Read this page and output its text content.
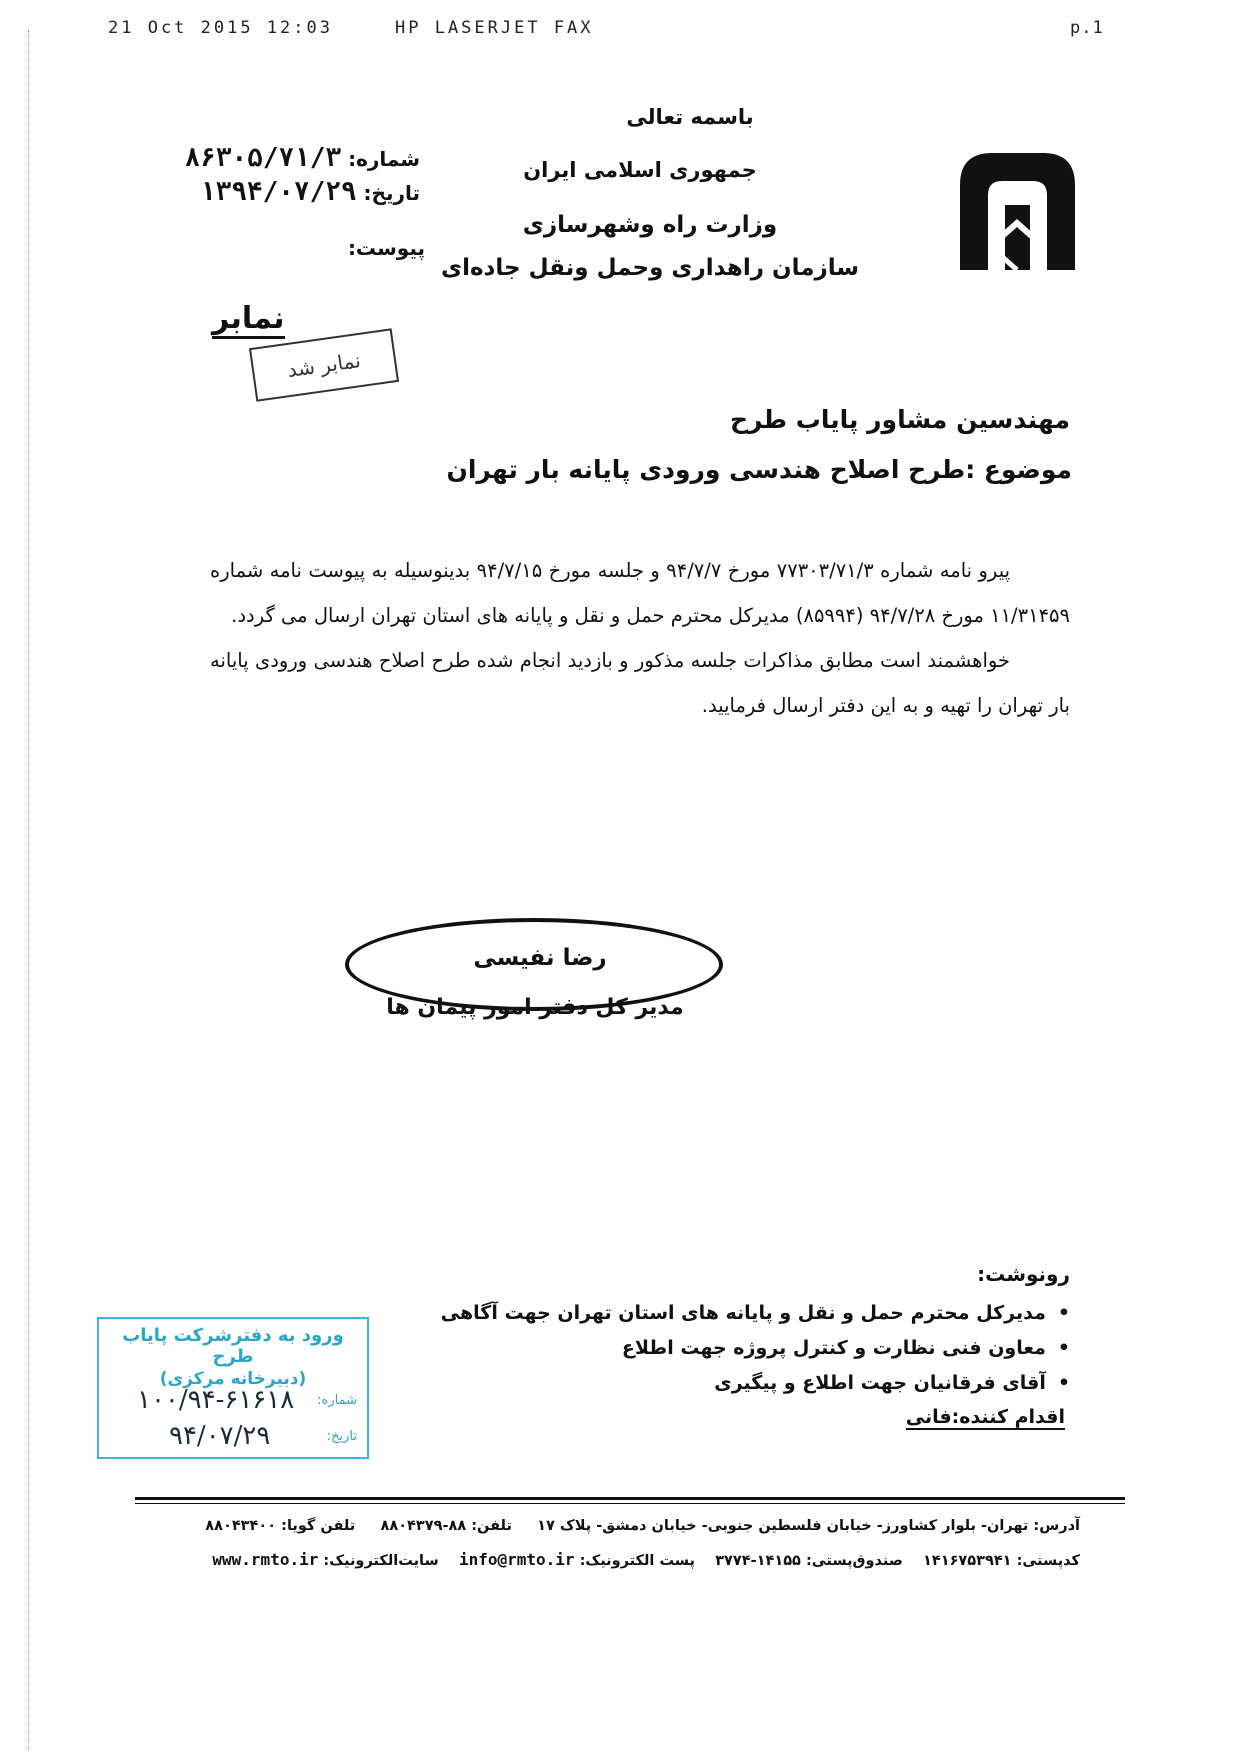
21 Oct 2015 12:03	HP LASERJET FAX	p.1
باسمه تعالی
جمهوری اسلامی ایران
وزارت راه وشهرسازی
سازمان راهداری وحمل ونقل جاده‌ای
شماره: ۸۶۳۰۵/۷۱/۳
تاریخ: ۱۳۹۴/۰۷/۲۹
پیوست:
نمابر
نمابر شد
مهندسین مشاور پایاب طرح
موضوع :طرح اصلاح هندسی ورودی پایانه بار تهران

پیرو نامه شماره ۷۷۳۰۳/۷۱/۳ مورخ ۹۴/۷/۷ و جلسه مورخ ۹۴/۷/۱۵ بدینوسیله به پیوست نامه شماره ۱۱/۳۱۴۵۹ مورخ ۹۴/۷/۲۸ (۸۵۹۹۴) مدیرکل محترم حمل و نقل و پایانه های استان تهران ارسال می گردد.

خواهشمند است مطابق مذاکرات جلسه مذکور و بازدید انجام شده طرح اصلاح هندسی ورودی پایانه بار تهران را تهیه و به این دفتر ارسال فرمایید.

رضا نفیسی
مدیر کل دفتر امور پیمان ها
رونوشت:
• مدیرکل محترم حمل و نقل و پایانه های استان تهران جهت آگاهی
• معاون فنی نظارت و کنترل پروژه جهت اطلاع
• آقای فرقانیان جهت اطلاع و پیگیری
اقدام کننده:فانی
ورود به دفترشرکت پایاب طرح
(دبیرخانه مرکزی)
شماره:
۱۰۰/۹۴-۶۱۶۱۸
تاریخ:
۹۴/۰۷/۲۹
آدرس: تهران- بلوار کشاورز- خیابان فلسطین جنوبی- خیابان دمشق- پلاک ۱۷     تلفن: ۸۸-۸۸۰۴۳۷۹     تلفن گویا: ۸۸۰۴۳۴۰۰
کدپستی: ۱۴۱۶۷۵۳۹۴۱    صندوق‌پستی: ۱۴۱۵۵-۳۷۷۴    پست الکترونیک: info@rmto.ir    سایت‌الکترونیک: www.rmto.ir
